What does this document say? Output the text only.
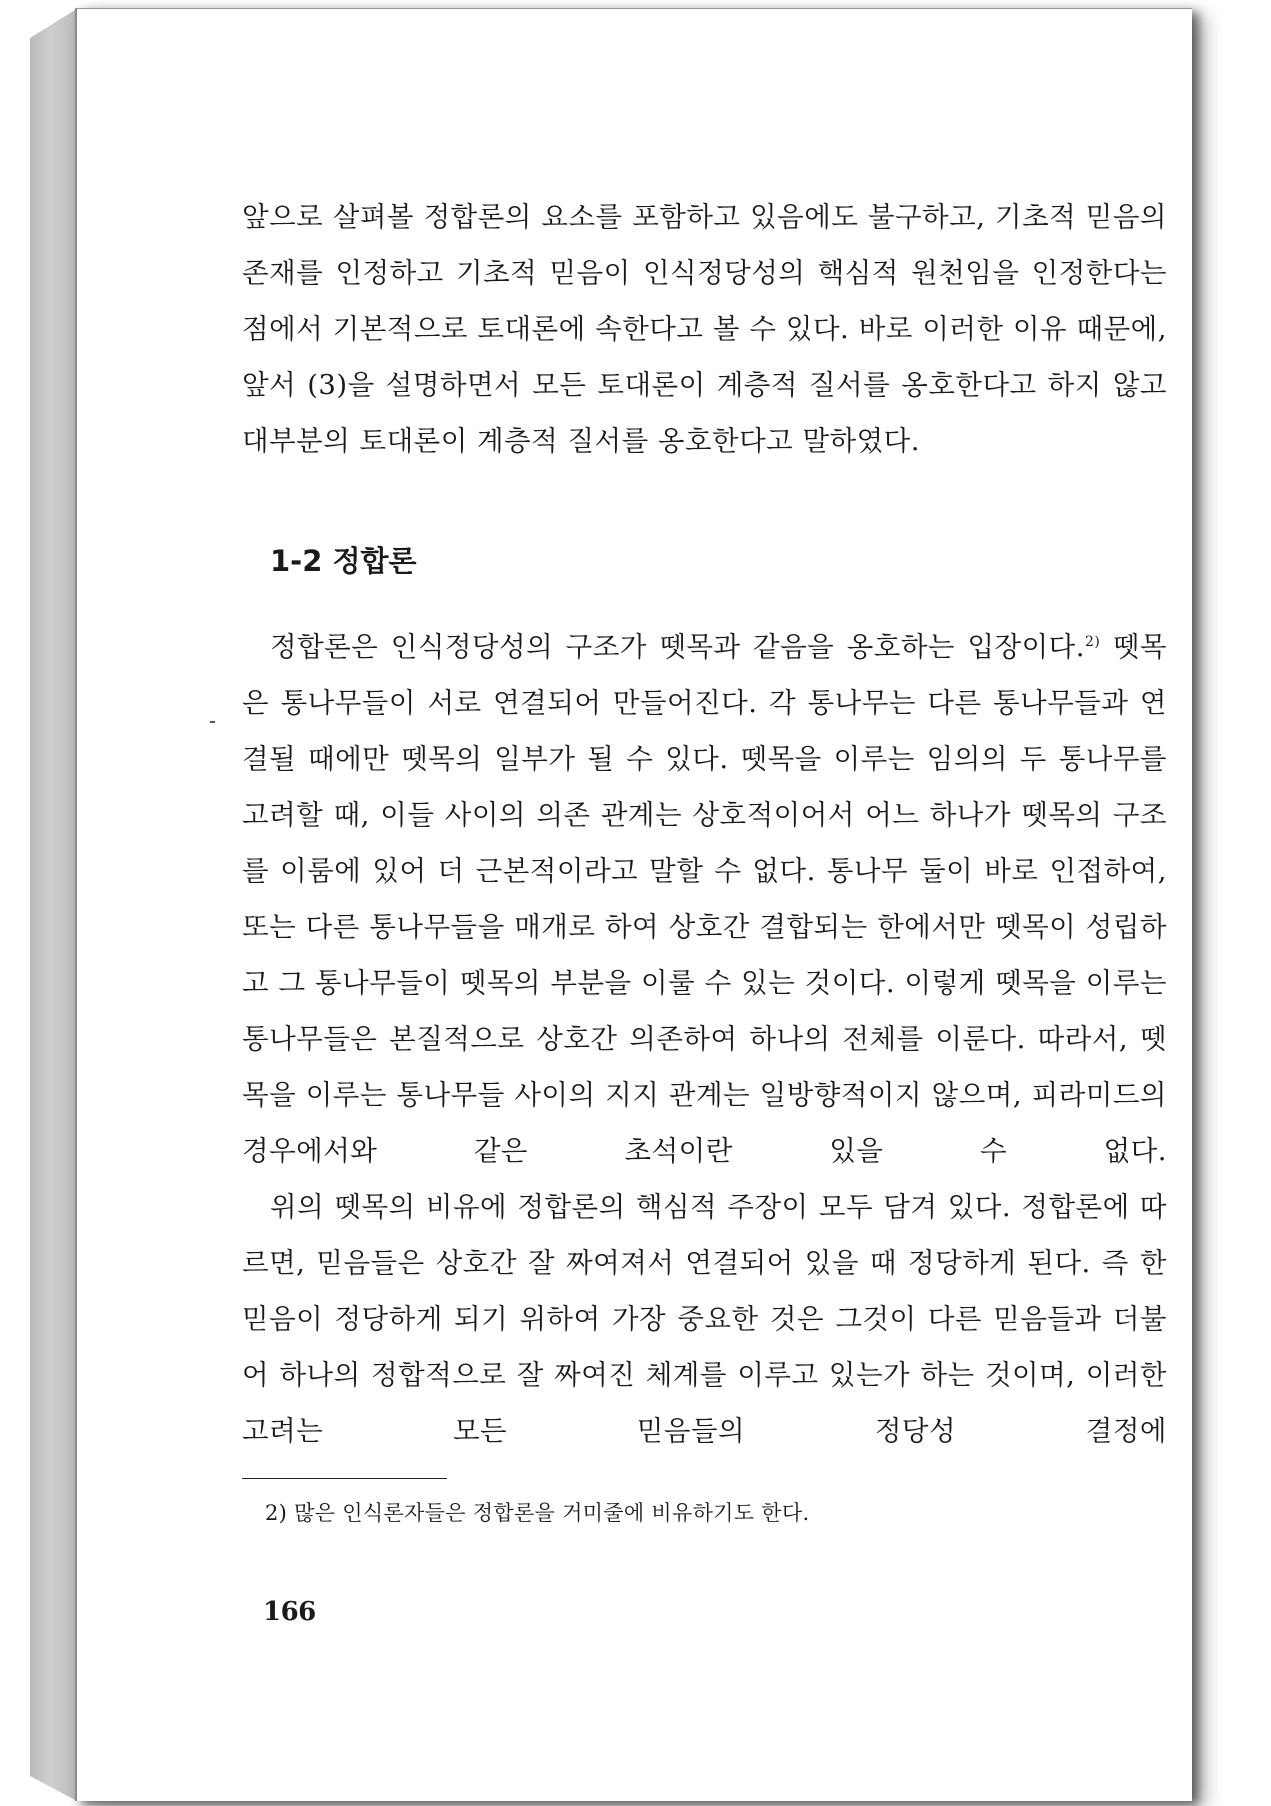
앞으로 살펴볼 정합론의 요소를 포함하고 있음에도 불구하고, 기초적 믿음의 존재를 인정하고 기초적 믿음이 인식정당성의 핵심적 원천임을 인정한다는 점에서 기본적으로 토대론에 속한다고 볼 수 있다. 바로 이러한 이유 때문에, 앞서 (3)을 설명하면서 모든 토대론이 계층적 질서를 옹호한다고 하지 않고 대부분의 토대론이 계층적 질서를 옹호한다고 말하였다.

1-2 정합론

정합론은 인식정당성의 구조가 뗏목과 같음을 옹호하는 입장이다.$^{2)}$ 뗏목은 통나무들이 서로 연결되어 만들어진다. 각 통나무는 다른 통나무들과 연결될 때에만 뗏목의 일부가 될 수 있다. 뗏목을 이루는 임의의 두 통나무를 고려할 때, 이들 사이의 의존 관계는 상호적이어서 어느 하나가 뗏목의 구조를 이룸에 있어 더 근본적이라고 말할 수 없다. 통나무 둘이 바로 인접하여, 또는 다른 통나무들을 매개로 하여 상호간 결합되는 한에서만 뗏목이 성립하고 그 통나무들이 뗏목의 부분을 이룰 수 있는 것이다. 이렇게 뗏목을 이루는 통나무들은 본질적으로 상호간 의존하여 하나의 전체를 이룬다. 따라서, 뗏목을 이루는 통나무들 사이의 지지 관계는 일방향적이지 않으며, 피라미드의 경우에서와 같은 초석이란 있을 수 없다.

위의 뗏목의 비유에 정합론의 핵심적 주장이 모두 담겨 있다. 정합론에 따르면, 믿음들은 상호간 잘 짜여져서 연결되어 있을 때 정당하게 된다. 즉 한 믿음이 정당하게 되기 위하여 가장 중요한 것은 그것이 다른 믿음들과 더불어 하나의 정합적으로 잘 짜여진 체계를 이루고 있는가 하는 것이며, 이러한 고려는 모든 믿음들의 정당성 결정에

2) 많은 인식론자들은 정합론을 거미줄에 비유하기도 한다.
166
